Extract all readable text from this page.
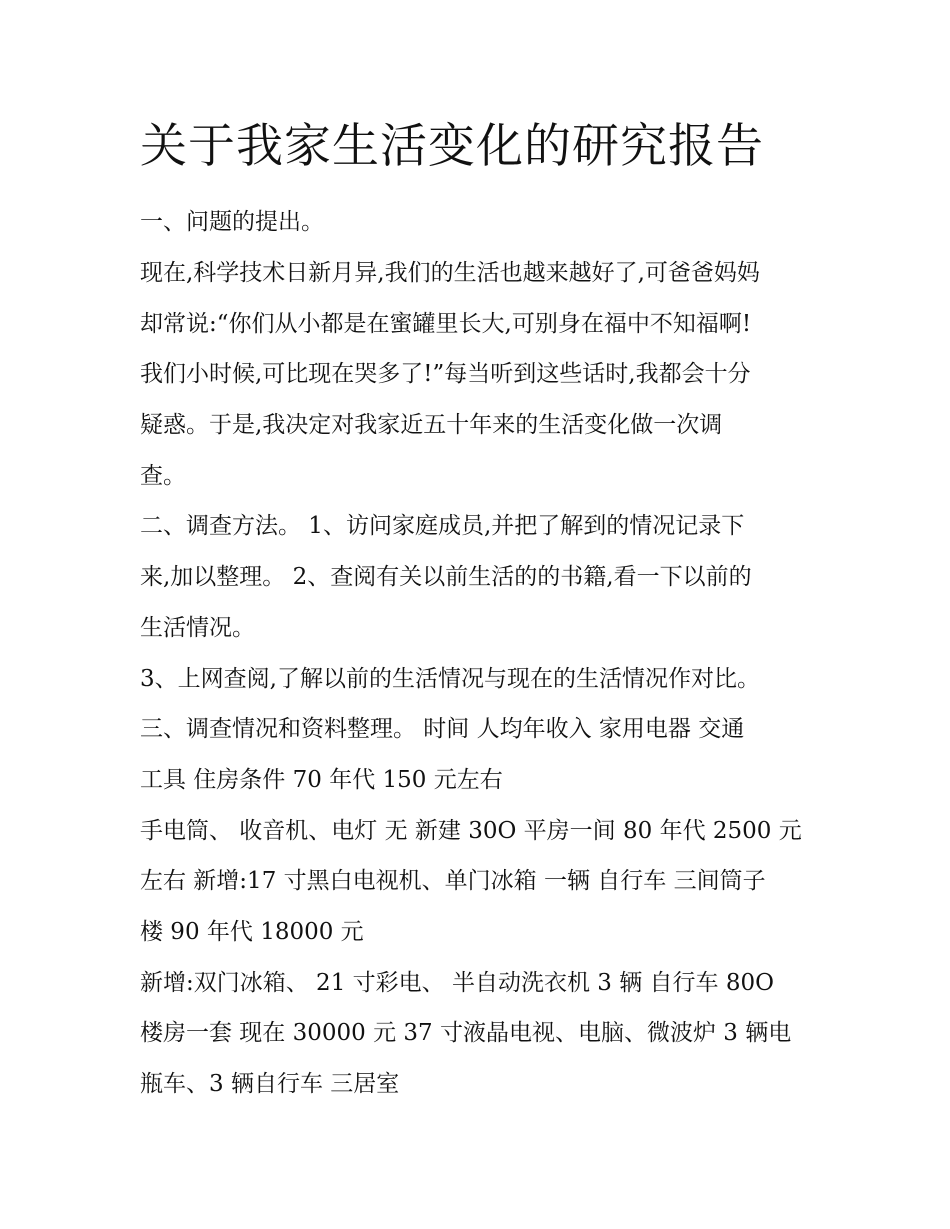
关于我家生活变化的研究报告
一、问题的提出。
现在,科学技术日新月异,我们的生活也越来越好了,可爸爸妈妈
却常说:“你们从小都是在蜜罐里长大,可别身在福中不知福啊!
我们小时候,可比现在哭多了!”每当听到这些话时,我都会十分
疑惑。于是,我决定对我家近五十年来的生活变化做一次调
查。
二、调查方法。 1、访问家庭成员,并把了解到的情况记录下
来,加以整理。 2、查阅有关以前生活的的书籍,看一下以前的
生活情况。
3、上网查阅,了解以前的生活情况与现在的生活情况作对比。
三、调查情况和资料整理。 时间 人均年收入 家用电器 交通
工具 住房条件 70 年代 150 元左右
手电筒、 收音机、电灯 无 新建 30O 平房一间 80 年代 2500 元
左右 新增:17 寸黑白电视机、单门冰箱 一辆 自行车 三间筒子
楼 90 年代 18000 元
新增:双门冰箱、 21 寸彩电、 半自动洗衣机 3 辆 自行车 80O
楼房一套 现在 30000 元 37 寸液晶电视、电脑、微波炉 3 辆电
瓶车、3 辆自行车 三居室
